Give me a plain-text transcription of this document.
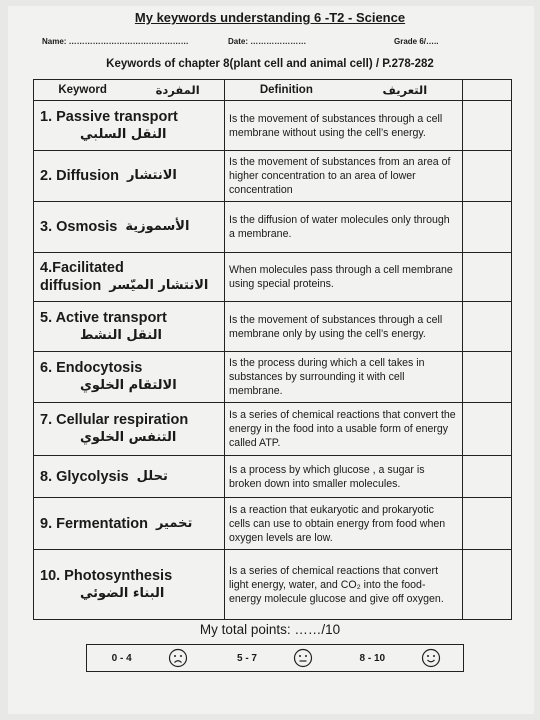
My keywords understanding 6 -T2 - Science
Name: ………………………………………	Date: …………………	Grade 6/…..
Keywords of chapter 8(plant cell and animal cell) / P.278-282
Keyword المفردة	Definition التعريف	

1. Passive transport
النقل السلبي	Is the movement of substances through a cell membrane without using the cell’s energy.	

2. Diffusion الانتشار	Is the movement of substances from an area of higher concentration to an area of lower concentration	

3. Osmosis الأسموزية	Is the diffusion of water molecules only through a membrane.	

4.Facilitated
diffusion الانتشار الميّسر	When molecules pass through a cell membrane using special proteins.	
5. Active transport
النقل النشط	Is the movement of substances through a cell membrane only by using the cell’s energy.	
6. Endocytosis
الالتقام الخلوي	Is the process during which a cell takes in substances by surrounding it with cell membrane.	
7. Cellular respiration
التنفس الخلوي	Is a series of chemical reactions that convert the energy in the food into a usable form of energy called ATP.	

8. Glycolysis تحلل	Is a process by which glucose , a sugar is broken down into smaller molecules.	

9. Fermentation تخمير	Is a reaction that eukaryotic and prokaryotic cells can use to obtain energy from food when oxygen levels are low.	
10. Photosynthesis
البناء الضوئي	Is a series of chemical reactions that convert light energy, water, and CO₂ into the food- energy molecule glucose and give off oxygen.	
My total points: ……/10
0 - 4	5 - 7	8 - 10
